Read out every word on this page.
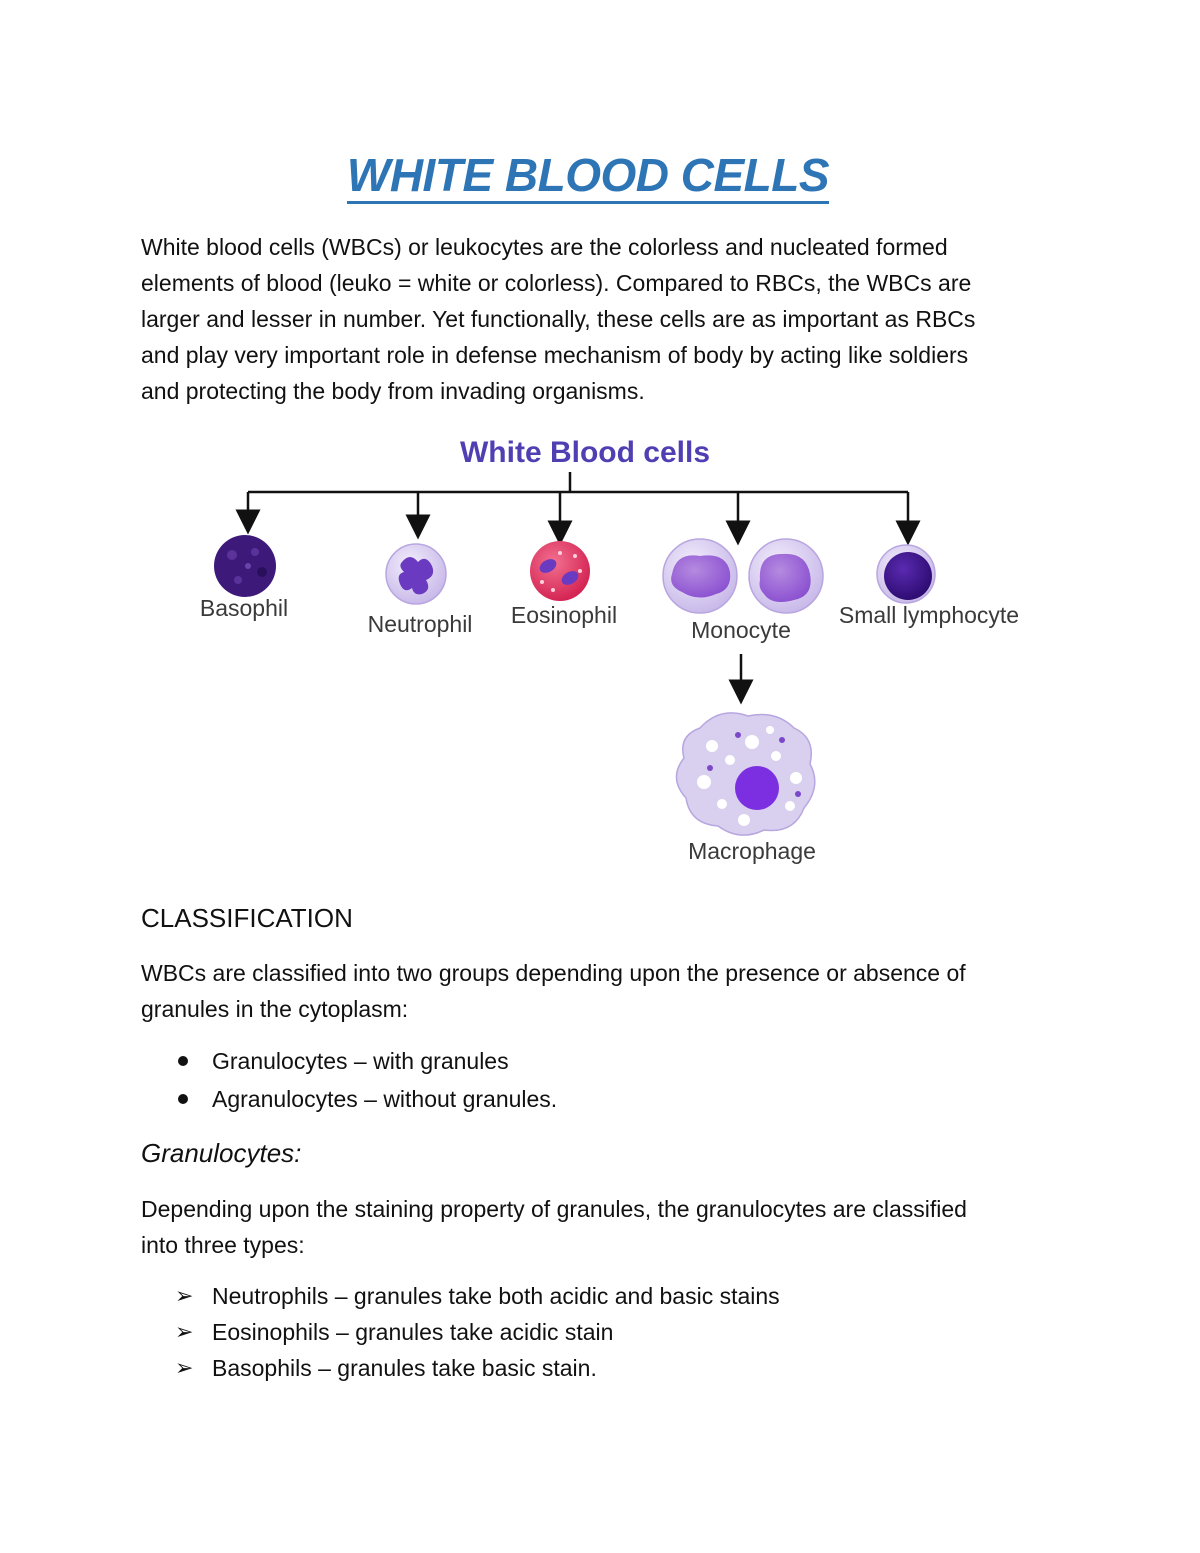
WHITE BLOOD CELLS
White blood cells (WBCs) or leukocytes are the colorless and nucleated formed
elements of blood (leuko = white or colorless). Compared to RBCs, the WBCs are
larger and lesser in number. Yet functionally, these cells are as important as RBCs
and play very important role in defense mechanism of body by acting like soldiers
and protecting the body from invading organisms.
White Blood cells
Basophil
Neutrophil Eosinophil
Monocyte
Small lymphocyte
Macrophage
CLASSIFICATION
WBCs are classified into two groups depending upon the presence or absence of
granules in the cytoplasm:
Granulocytes – with granules
Agranulocytes – without granules.
Granulocytes:
Depending upon the staining property of granules, the granulocytes are classified
into three types:
➢ Neutrophils – granules take both acidic and basic stains
➢ Eosinophils – granules take acidic stain
➢ Basophils – granules take basic stain.
